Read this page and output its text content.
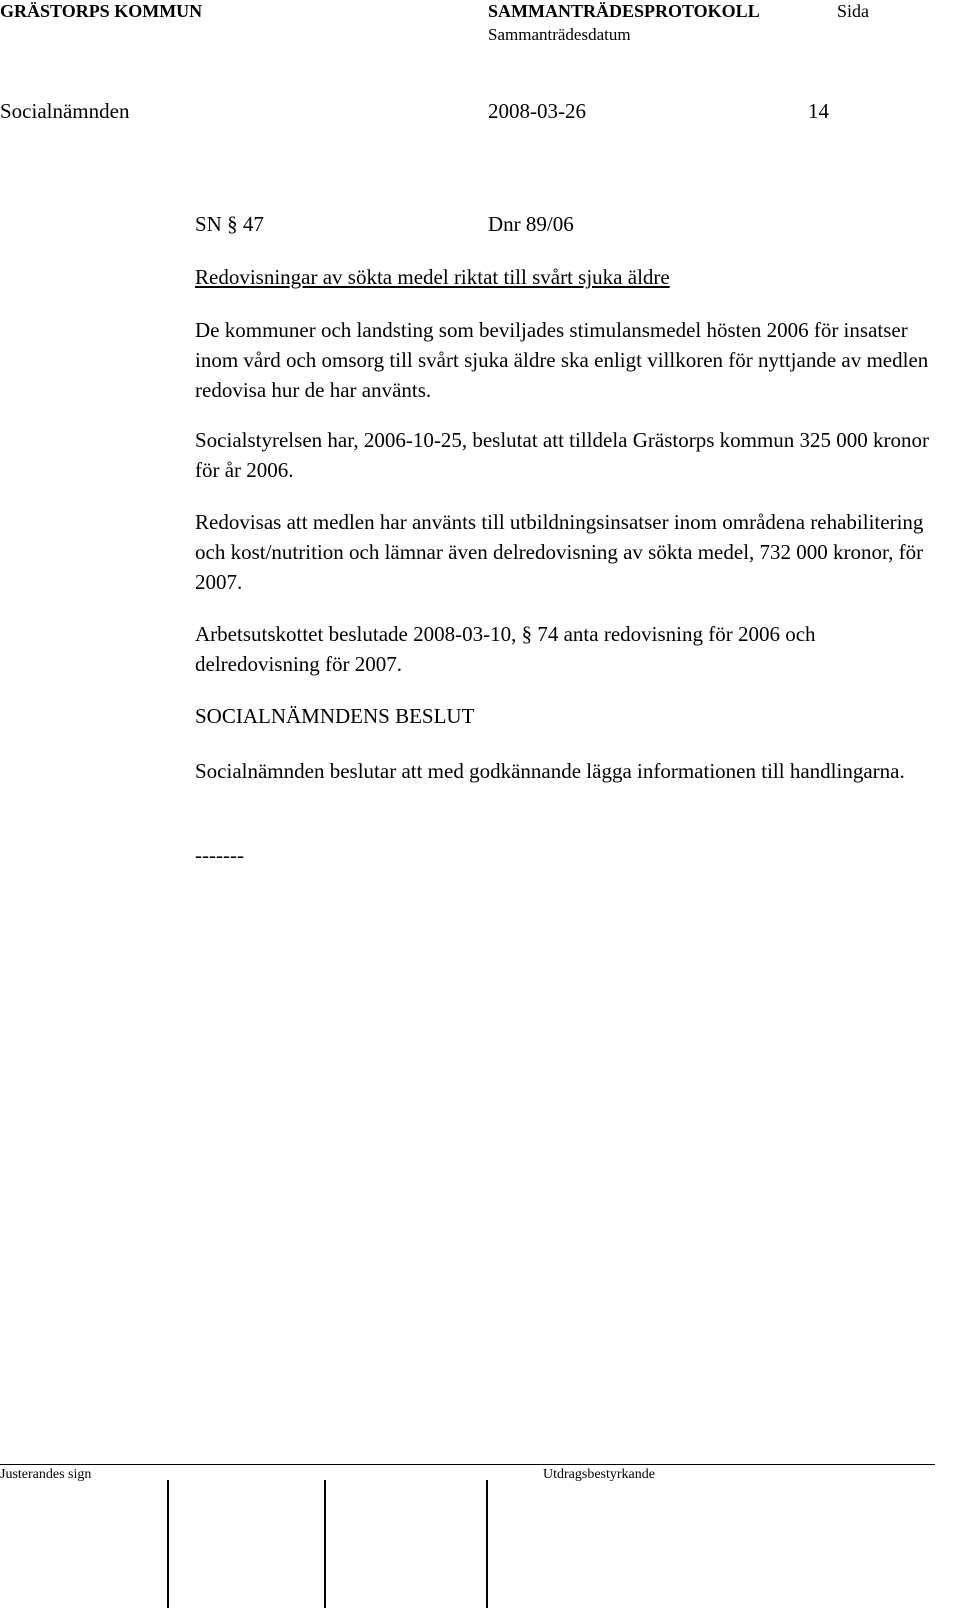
GRÄSTORPS KOMMUN	SAMMANTRÄDESPROTOKOLL	Sida
Sammanträdesdatum
Socialnämnden	2008-03-26	14
SN § 47	Dnr 89/06
Redovisningar av sökta medel riktat till svårt sjuka äldre

De kommuner och landsting som beviljades stimulansmedel hösten 2006 för insatser inom vård och omsorg till svårt sjuka äldre ska enligt villkoren för nyttjande av medlen redovisa hur de har använts.

Socialstyrelsen har, 2006-10-25, beslutat att tilldela Grästorps kommun 325 000 kronor för år 2006.

Redovisas att medlen har använts till utbildningsinsatser inom områdena rehabilitering och kost/nutrition och lämnar även delredovisning av sökta medel, 732 000 kronor, för 2007.

Arbetsutskottet beslutade 2008-03-10, § 74 anta redovisning för 2006 och delredovisning för 2007.

SOCIALNÄMNDENS BESLUT

Socialnämnden beslutar att med godkännande lägga informationen till handlingarna.

-------
Justerandes sign	Utdragsbestyrkande
